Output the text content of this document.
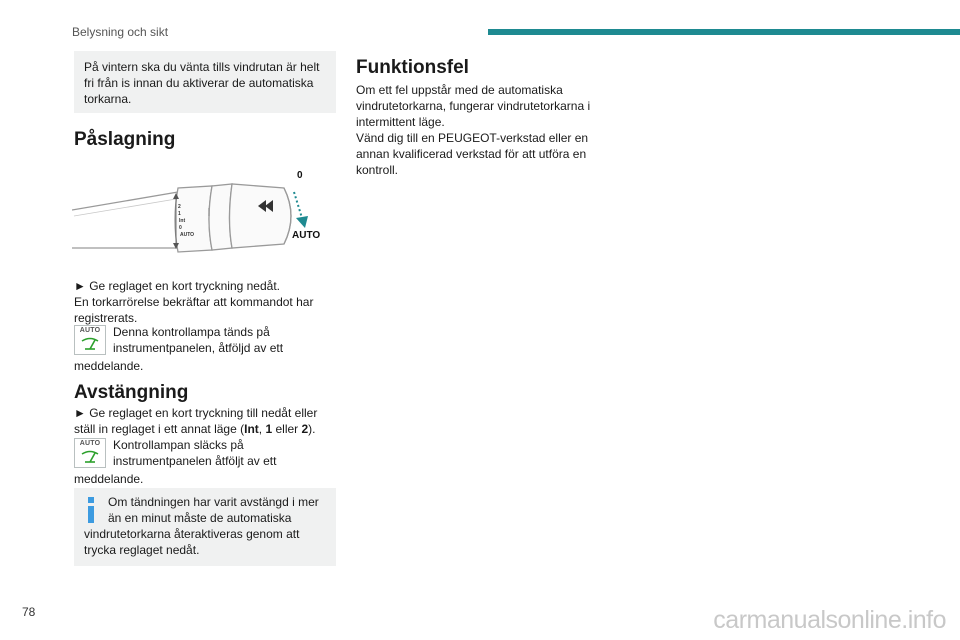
Belysning och sikt

På vintern ska du vänta tills vindrutan är helt fri från is innan du aktiverar de automatiska torkarna.

Påslagning
2
1
Int
0
AUTO
0
AUTO
► Ge reglaget en kort tryckning nedåt.
En torkarrörelse bekräftar att kommandot har
registrerats.
AUTO	Denna kontrollampa tänds på
instrumentpanelen, åtföljd av ett
meddelande.
Avstängning
► Ge reglaget en kort tryckning till nedåt eller
ställ in reglaget i ett annat läge (Int, 1 eller 2).
AUTO	Kontrollampan släcks på
instrumentpanelen åtföljt av ett
meddelande.
Om tändningen har varit avstängd i mer
än en minut måste de automatiska
vindrutetorkarna återaktiveras genom att
trycka reglaget nedåt.
Funktionsfel
Om ett fel uppstår med de automatiska
vindrutetorkarna, fungerar vindrutetorkarna i
intermittent läge.
Vänd dig till en PEUGEOT-verkstad eller en
annan kvalificerad verkstad för att utföra en
kontroll.
78	carmanualsonline.info
